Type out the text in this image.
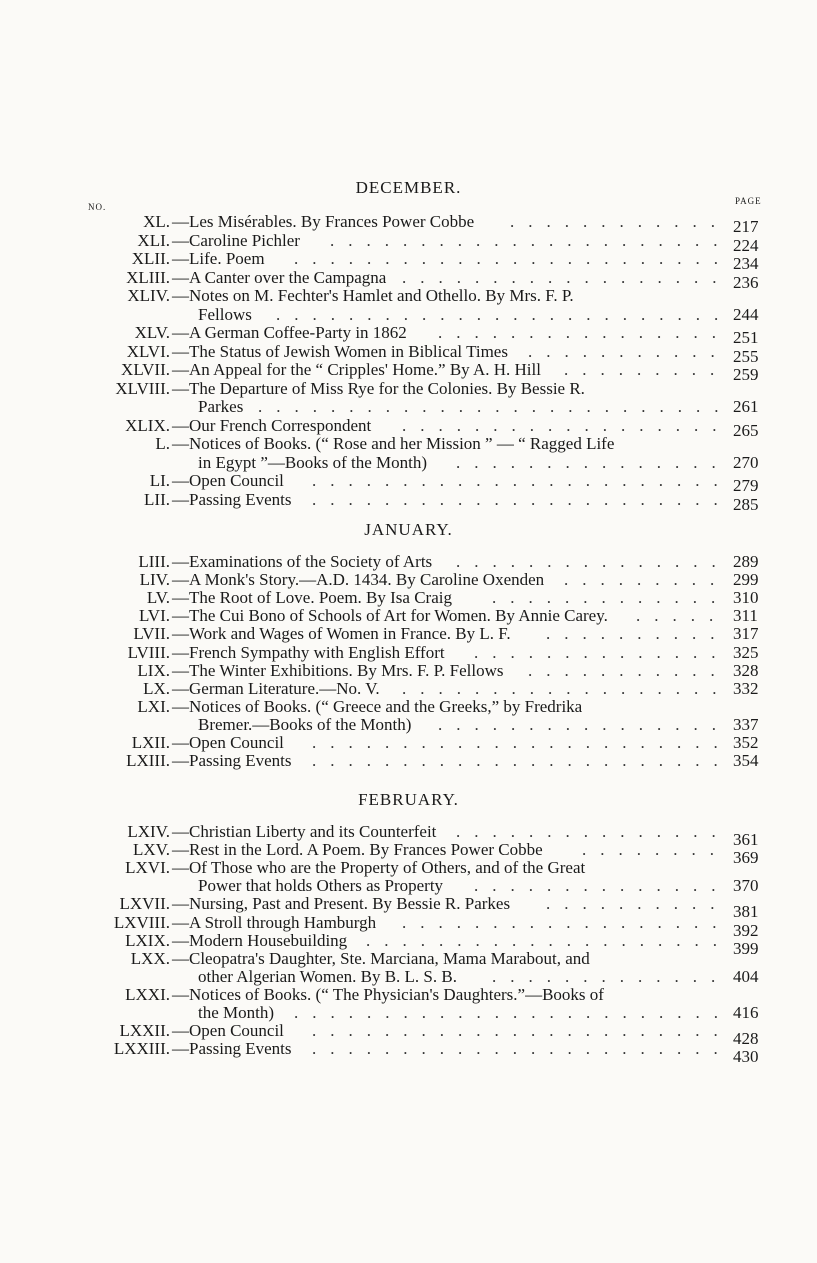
DECEMBER.
NO.
PAGE
XL. —Les Misérables. By Frances Power Cobbe ............ 217
XLI. —Caroline Pichler ...................... 224
XLII. —Life. Poem ........................ 234
XLIII. —A Canter over the Campagna .................. 236
XLIV. —Notes on M. Fechter's Hamlet and Othello. By Mrs. F. P.
Fellows ......................... 244
XLV. —A German Coffee-Party in 1862 ................ 251
XLVI. —The Status of Jewish Women in Biblical Times ........... 255
XLVII. —An Appeal for the “ Cripples' Home.” By A. H. Hill ......... 259
XLVIII. —The Departure of Miss Rye for the Colonies. By Bessie R.
Parkes .......................... 261
XLIX. —Our French Correspondent .................. 265
L. —Notices of Books. (“ Rose and her Mission ” — “ Ragged Life
in Egypt ”—Books of the Month) ............... 270
LI. —Open Council ....................... 279
LII. —Passing Events ....................... 285
JANUARY.
LIII. —Examinations of the Society of Arts ............... 289
LIV. —A Monk's Story.—A.D. 1434. By Caroline Oxenden ......... 299
LV. —The Root of Love. Poem. By Isa Craig ............. 310
LVI. —The Cui Bono of Schools of Art for Women. By Annie Carey. ..... 311
LVII. —Work and Wages of Women in France. By L. F. .......... 317
LVIII. —French Sympathy with English Effort .............. 325
LIX. —The Winter Exhibitions. By Mrs. F. P. Fellows ........... 328
LX. —German Literature.—No. V. .................. 332
LXI. —Notices of Books. (“ Greece and the Greeks,” by Fredrika
Bremer.—Books of the Month) ................ 337
LXII. —Open Council ....................... 352
LXIII. —Passing Events ....................... 354
FEBRUARY.
LXIV. —Christian Liberty and its Counterfeit ............... 361
LXV. —Rest in the Lord. A Poem. By Frances Power Cobbe ........ 369
LXVI. —Of Those who are the Property of Others, and of the Great
Power that holds Others as Property .............. 370
LXVII. —Nursing, Past and Present. By Bessie R. Parkes .......... 381
LXVIII. —A Stroll through Hamburgh .................. 392
LXIX. —Modern Housebuilding .................... 399
LXX. —Cleopatra's Daughter, Ste. Marciana, Mama Marabout, and
other Algerian Women. By B. L. S. B. ............. 404
LXXI. —Notices of Books. (“ The Physician's Daughters.”—Books of
the Month) ........................ 416
LXXII. —Open Council ....................... 428
LXXIII. —Passing Events ....................... 430
